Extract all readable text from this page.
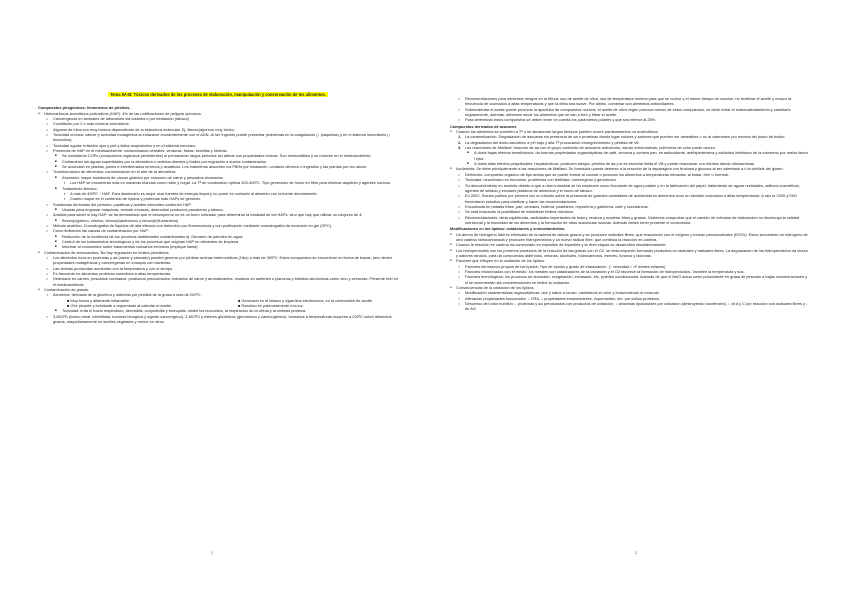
Tema 5A-B: Tóxicos derivados de los procesos de elaboración, manipulación y conservación de los alimentos.
Compuestos pirogénicos: fenómenos de pirólisis.
● Hidrocarburos aromáticos policíclicos (HAP): 4% de las notificaciones de peligros químicos.
○ Cancerígenos en animales de laboratorio via cutánea o por inhalación (tabaco)
○ Constituido por 2 o más núcleos aromáticos.
○ Algunos de ellos son muy tóxicos dependiendo de la estructura molecular. Ej. Benzo(a)pireno muy tóxico.
○ Toxicidad crónica: cáncer y actividad mutagénica al enlazarse covalentemente con el ADN. Al ser ingerido puede presentar problemas en la coagulación (↓ plaquetas) y en el sistema inmunitario (↓ leucocitos).
○ Toxicidad aguda: irritación ojos y piel y fallos respiratorios y en el sistema nervioso.
○ Presencia de HAP en el medioambiente: contaminando cereales, verduras, frutas, semillas y hierbas.
■ Se consideran COPs (compuestos orgánicos persistentes) al permanecer largos periodos sin alterar sus propiedades tóxicas. Son semivolátiles y se mueven en el medioambiente.
■ Contaminan las aguas superficiales por la atmósfera o vertidos directos y fósiles por migración a suelos contaminados.
■ Se acumulan en plantas, peces e invertebrados terrenos y acuáticos. Los mamíferos absorben los PAHs por inhalación, contacto dérmico o ingestión y las plantas por las raíces.
○ Transformación de alimentos: contaminación en el aire de la atmosfera.
■ Ahumado: mayor incidencia de cáncer gástrico por consumo de carne y pescados ahumados.
▪ Los HAP se encuentran más en maderas blandas como roble y nogal. La Tª de combustión óptima 300-400ºC. Tipo generador de humo en filtro para eliminar alquitrán y agentes nocivos.
■ Tratamiento térmico:
▪ A más de 400ºC ↑ HAP. Para disminuirlo es mejor usar fuentes de energía limpia y no poner en contacto al alimento con la fuente directamente.
▪ Cuanto mayor es el contenido de lípidos y proteínas más HAPs se generan.
○ Sustancias derivadas del petróleo: parafinas y aceites minerales contienen HAP.
■ Usadas para engrasar máquinas, revestir envases, desmoldar productos panaderos y tabaco.
○ Análisis para saber si hay HAP: se ha demostrado que el benzopireno no es un buen indicador para determinar la totalidad de los HAPs, sino que hay que utilizar un conjunto de 4:
■ Benzo(a)pireno, criseno, benzo(a)antraceno y benzo(b)fluoranteno)
○ Método analítico: Cromatografía de líquidos de alta eficacia con detección por fluorescencia y con purificación mediante cromatografía de exclusión en gel (GPC).
○ Como limitamos las causas de contaminación por HAP:
■ Reducción de la incidencia de los procesos ambientales contaminantes ej. Derrame de petróleo en agua.
■ Control de los tratamientos tecnológicos y de los procesos que originan HAP en alimentos de limpieza.
■ Informar al consumidor sobre tratamientos culinarios erróneos (implique llama)
● Contaminación de aminoácidos. No hay regulación en límites permitidos.
○ Los alimentos ricos en proteínas y aa (carne y pescado) pueden generar por pirólisis aminas heterocíclicas (HAs) a más de 300ºC. Estos compuestos se encuentran en forma de trazas, pero tienen propiedades mutagénicas y cancerígenas en ensayos con bacterias.
○ Las aminas producidas aumentan con la temperatura y con el tiempo.
○ Es frecuente en alimentos proteicos sometidos a altas temperaturas.
○ Detectado en carnes, pescados cocinados, productos precocinados, extractos de carne y aromatizantes, residuos en sartenes o planchas y bebidas alcohólicas como vino y cervezas. Presente tmb en el medioambiente.
● Contaminación de grasas.
○ Acroleína: derivada de la glicerina y obtenida por pirólisis de la grasa a más de 200ºC.
■ Muy tóxica y altamente inflamable.
■ Olor picante y exfoliante a requemado al calentar el aceite.
■ Generado en el tabaco y cigarrillos electrónicos, en la combustión de aceite.
■ Reactivo es potencialmente a la luz.
■ Toxicidad: irrita el tracto respiratorio, dermatitis, conjuntivitis y bronquitis, inhibe los leucocitos, la respiración de la célula y la síntesis proteica.
○ 3-MCPD (tóxico renal, infertilidad, tumores benignos y agente cancerígeno), 2-MCPD y ésteres glicidílicos (genotóxico y carcinogénico): formados a temperaturas mayores a 200ºC sobre alimentos grasos, mayoritariamente en aceites vegetales y menor en otros.
1
○ Recomendaciones para minimizar riesgos en la fritura: uso de aceite de oliva, uso de temperatura mínima para que se cocine y el menor tiempo de cocción, no reutilizar el aceite y reducir la frecuencia de cocinados a altas temperaturas y que la dieta sea suave. Por último, combinar con alimentos antioxidantes.
○ Sobrecalentar el aceite puede provocar la aparición de compuestos nocivos, el aceite de oliva virgen provoca menos de estos compuestos, se debe evitar el sobrecalentamiento y cambiarlo regularmente, además, debemos secar los alimentos que se van a freír y filtrar el aceite.
○ Para determinar estos compuestos se deben tener en cuenta los parámetros polares y que sea inferior al 25%.
Compuestos derivados de azúcares
● Cuando los alimentos se someten a Tª o se almacenan largos tiempos pueden ocurrir pardeamientos no enzimáticos.
1. La caramelización. Degradación de azúcares sin presencia de aa o proteínas dando lugar colores y sabores que pueden ser deseables o no al calentarse por encima del punto de fusión.
2. La degradación del ácido ascórbico a pH bajo y alta Tª provocando ennegrecimiento y pérdida de Vit.
3. Las reacciones de Maillard: reacción de aa con el grupo carbonilo de azúcares reductores, dando melanoidinas, polímeros de color pardo oscuro.
■ A dosis bajas efectos beneficiosos: da buenas propiedades organolépticas de café, cerveza y corteza pan, es antioxidante, antihipertensiva y actividad inhibidora de la colesterol por malos factor / fytor.
■ A dosis altas efectos perjudiciales: hepatotóxicos, producen alergia, pérdida de aa y si es esencial limita el VB y puede reaccionar con nitratos dando nitrosaminas.
● Acrilamida. Se debe principalmente a las reacciones de Maillard. Su formación puede deberse a la reacción de la asparagina con fructosa y glucosa al ser calentado a o la pirólisis del gluten.
○ Definición: compuesto orgánico de tipo amida que se puede formar al cocinar o procesar los alimentos a temperaturas elevadas: al tostar, freír u hornear.
○ Toxicidad: neurotóxico en humanos, problemas con fertilidad, cancerígeno y genotóxico.
○ Su descubrimiento en reciente debido a que a nivel industrial se ha empleado como floculante de agua potable y en la fabricación del papel, tratamiento de aguas residuales, aditivos cosméticos, agentes de sellado y envases plásticos de alimentos y el humo de tabaco.
○ En 2002, Suecia publicó por primera vez un estudio sobre la presencia de grandes cantidades de acrilamida en alimentos ricos en almidón cocinados a altas temperaturas. A raíz la OMS y FAO fomentaron estudios para clarificar y hacer las recomendaciones.
○ Encontrada en patatas fritas, pan, cereales, bollería, pastelería, repostería y galletería, café y sucedáneos.
○ Se está buscando la posibilidad de establecer límites máximos.
○ Recomendaciones: dieta equilibrada, cantidades importantes de fruta y verdura y moderar fritos y grasas. Debemos comprobar que el cambio de métodos de elaboración no disminuya la calidad nutricional y la inocuidad de los alimentos y la formación de otras sustancias nocivas. Además deben tener presente el consumidor.
Modificaciones en los lípidos: oxidaciones y enranciamientos.
● Un átomo de hidrógeno lábil es eliminado de la cadena de ácidos grasos y se producen radicales libres, que reaccionan con el oxígeno y forman peroxiradicales (ROO•). Estos secuestran un hidrógeno de otra cadena hidrocarbonada y producen hidroperóxidos y un nuevo radical libre, que continúa la reacción en cadena.
● Cuando la reacción en cadena ha comenzado es imposible de impedirla y ta rtres etapas se desarrollan simultáneamente.
● Los hidroperóxidos son los primeros productos de la reacción de las grasas con el O2, se descomponen formando productos no radicales y radicales libres. La degradación de los hidroperóxidos da olores y sabores rancios, para da compuestos aldehídos, cetonas, alcoholes, hidrocarburos, ésteres, furanos y lactonas.
● Factores que influyen en la oxidación de los lípidos.
○ Factores intrínsecos propios de los lípidos: Tipo de lípidos y grado de insaturación. (↑ velocidad ↑ nº dobles enlaces)
○ Factores relacionados con el medio: los metales son catalizadores de la oxidación y el O2 favorece la formación de hidroperóxidos. También la temperatura y sus.
○ Factores tecnológicos: los procesos de ahumado, congelación, envasado, etc. pueden condicionarla. Además de que el NaCl actúa como prooxidante en grasa de pescado a bajas concentraciones y si se incrementan las concentraciones se inhibe la oxidación.
● Consecuencias de la oxidación de los lípidos.
○ Modificación características organolépticas: olor y sabor a rancio, cambiando el color y endureciendo el músculo.
○ Alteración propiedades funcionales: ↓ CRA, ↓ propiedades emulsionantes, espumantes, etc. por daños proteicos.
○ Descenso del valor nutritivo: ↓ proteínas y aa peroxidados con productos de oxidación, ↓ vitaminas liposolubles por oxidación (destruyendo tocoferoles), ↓ vit A y C por reacción con radicales libres y ↓ de AG.
2
